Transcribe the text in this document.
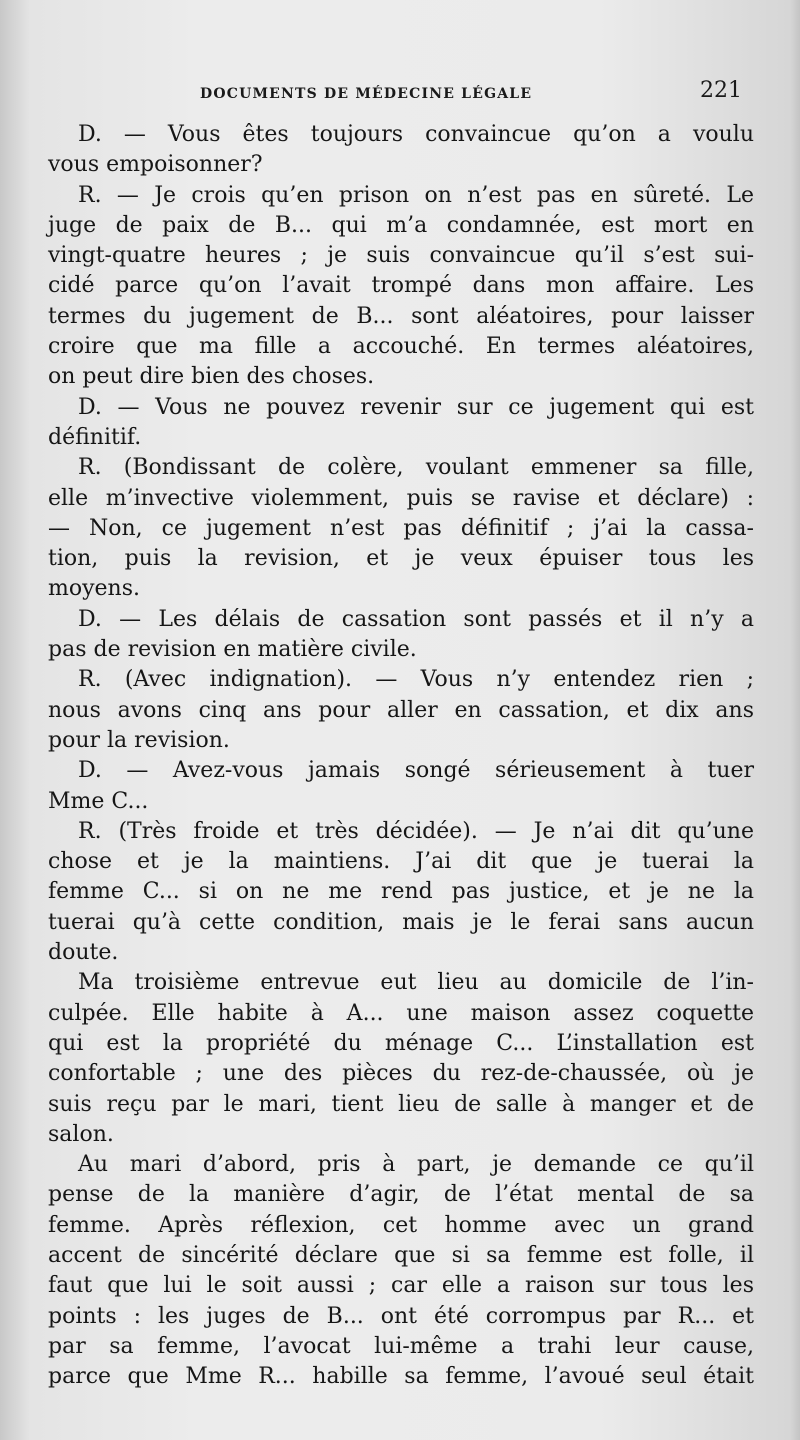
DOCUMENTS DE MÉDECINE LÉGALE	221
D. — Vous êtes toujours convaincue qu’on a voulu
vous empoisonner?
R. — Je crois qu’en prison on n’est pas en sûreté. Le
juge de paix de B... qui m’a condamnée, est mort en
vingt-quatre heures ; je suis convaincue qu’il s’est sui-
cidé parce qu’on l’avait trompé dans mon affaire. Les
termes du jugement de B... sont aléatoires, pour laisser
croire que ma fille a accouché. En termes aléatoires,
on peut dire bien des choses.
D. — Vous ne pouvez revenir sur ce jugement qui est
définitif.
R. (Bondissant de colère, voulant emmener sa fille,
elle m’invective violemment, puis se ravise et déclare) :
— Non, ce jugement n’est pas définitif ; j’ai la cassa-
tion, puis la revision, et je veux épuiser tous les
moyens.
D. — Les délais de cassation sont passés et il n’y a
pas de revision en matière civile.
R. (Avec indignation). — Vous n’y entendez rien ;
nous avons cinq ans pour aller en cassation, et dix ans
pour la revision.
D. — Avez-vous jamais songé sérieusement à tuer
Mme C...
R. (Très froide et très décidée). — Je n’ai dit qu’une
chose et je la maintiens. J’ai dit que je tuerai la
femme C... si on ne me rend pas justice, et je ne la
tuerai qu’à cette condition, mais je le ferai sans aucun
doute.
Ma troisième entrevue eut lieu au domicile de l’in-
culpée. Elle habite à A... une maison assez coquette
qui est la propriété du ménage C... L’installation est
confortable ; une des pièces du rez-de-chaussée, où je
suis reçu par le mari, tient lieu de salle à manger et de
salon.
Au mari d’abord, pris à part, je demande ce qu’il
pense de la manière d’agir, de l’état mental de sa
femme. Après réflexion, cet homme avec un grand
accent de sincérité déclare que si sa femme est folle, il
faut que lui le soit aussi ; car elle a raison sur tous les
points : les juges de B... ont été corrompus par R... et
par sa femme, l’avocat lui-même a trahi leur cause,
parce que Mme R... habille sa femme, l’avoué seul était
